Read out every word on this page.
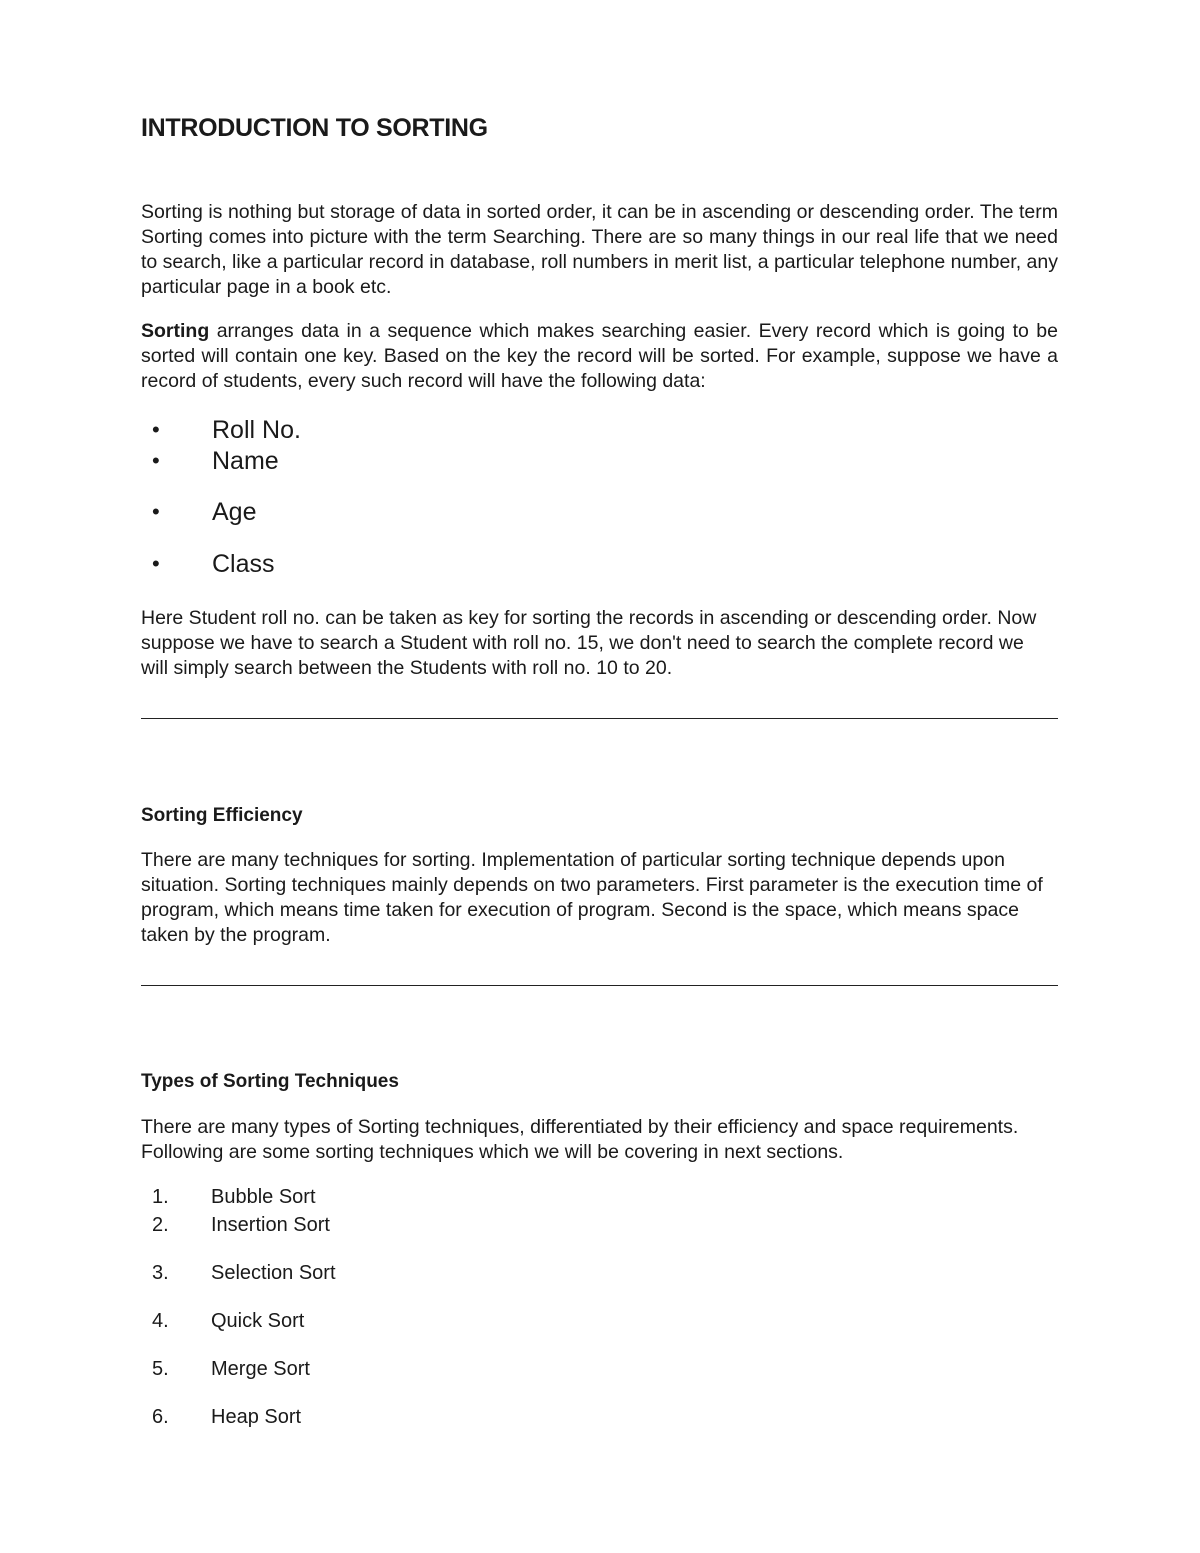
INTRODUCTION TO SORTING

Sorting is nothing but storage of data in sorted order, it can be in ascending or descending order. The term Sorting comes into picture with the term Searching. There are so many things in our real life that we need to search, like a particular record in database, roll numbers in merit list, a particular telephone number, any particular page in a book etc.

Sorting arranges data in a sequence which makes searching easier. Every record which is going to be sorted will contain one key. Based on the key the record will be sorted. For example, suppose we have a record of students, every such record will have the following data:

•	Roll No.
•	Name
•	Age
•	Class

Here Student roll no. can be taken as key for sorting the records in ascending or descending order. Now suppose we have to search a Student with roll no. 15, we don't need to search the complete record we will simply search between the Students with roll no. 10 to 20.

Sorting Efficiency

There are many techniques for sorting. Implementation of particular sorting technique depends upon situation. Sorting techniques mainly depends on two parameters. First parameter is the execution time of program, which means time taken for execution of program. Second is the space, which means space taken by the program.

Types of Sorting Techniques

There are many types of Sorting techniques, differentiated by their efficiency and space requirements. Following are some sorting techniques which we will be covering in next sections.

1.	Bubble Sort
2.	Insertion Sort
3.	Selection Sort
4.	Quick Sort
5.	Merge Sort
6.	Heap Sort
